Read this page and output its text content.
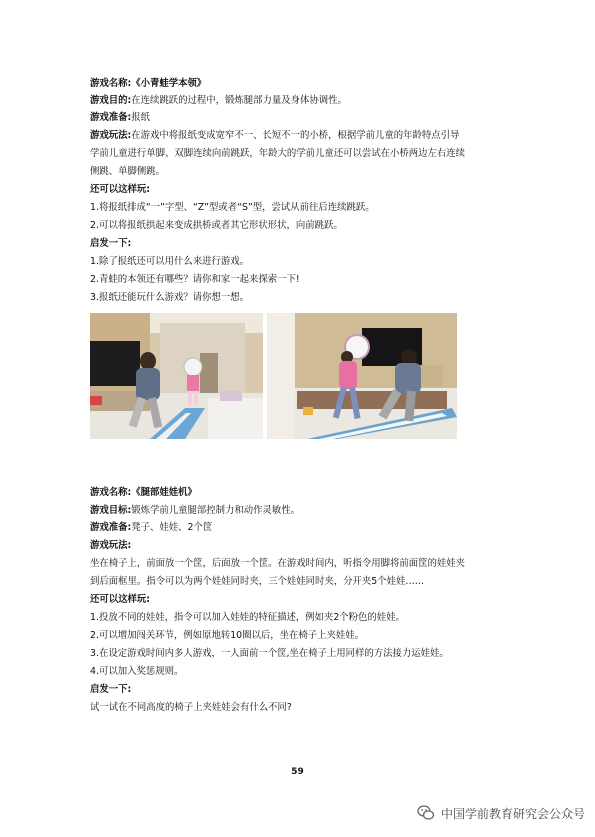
游戏名称:《小青蛙学本领》
游戏目的:在连续跳跃的过程中，锻炼腿部力量及身体协调性。
游戏准备:报纸
游戏玩法:在游戏中将报纸变成宽窄不一、长短不一的小桥，根据学前儿童的年龄特点引导
学前儿童进行单脚、双脚连续向前跳跃，年龄大的学前儿童还可以尝试在小桥两边左右连续
侧跳、单脚侧跳。
还可以这样玩:
1.将报纸排成“一”字型、“Z”型或者“S”型，尝试从前往后连续跳跃。
2.可以将报纸拱起来变成拱桥或者其它形状形状，向前跳跃。
启发一下:
1.除了报纸还可以用什么来进行游戏。
2.青蛙的本领还有哪些？请你和家一起来探索一下!
3.报纸还能玩什么游戏？请你想一想。
游戏名称:《腿部娃娃机》
游戏目标:锻炼学前儿童腿部控制力和动作灵敏性。
游戏准备:凳子、娃娃、2个筐
游戏玩法:
坐在椅子上，前面放一个筐，后面放一个筐。在游戏时间内，听指令用脚将前面筐的娃娃夹
到后面框里。指令可以为两个娃娃同时夹，三个娃娃同时夹，分开夹5个娃娃……
还可以这样玩:
1.投放不同的娃娃，指令可以加入娃娃的特征描述，例如夹2个粉色的娃娃。
2.可以增加闯关环节，例如原地转10圈以后，坐在椅子上夹娃娃。
3.在设定游戏时间内多人游戏，一人面前一个筐,坐在椅子上用同样的方法接力运娃娃。
4.可以加入奖惩规则。
启发一下:
试一试在不同高度的椅子上夹娃娃会有什么不同?
59
中国学前教育研究会公众号
